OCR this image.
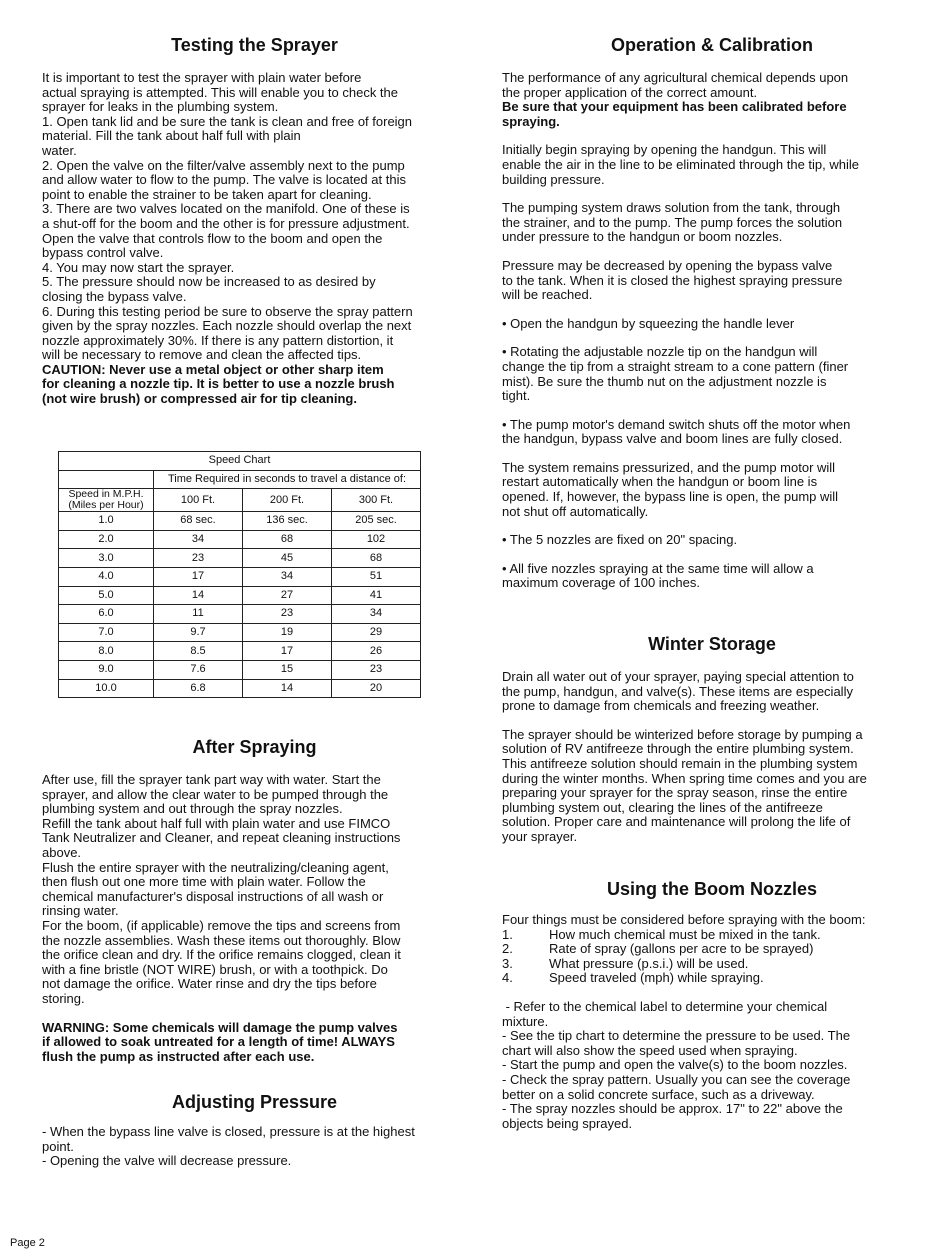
Testing the Sprayer

It is important to test the sprayer with plain water before

actual spraying is attempted. This will enable you to check the

sprayer for leaks in the plumbing system.

1. Open tank lid and be sure the tank is clean and free of foreign

material. Fill the tank about half full with plain

water.

2. Open the valve on the filter/valve assembly next to the pump

and allow water to flow to the pump. The valve is located at this

point to enable the strainer to be taken apart for cleaning.

3. There are two valves located on the manifold. One of these is

a shut-off for the boom and the other is for pressure adjustment.

Open the valve that controls flow to the boom and open the

bypass control valve.

4. You may now start the sprayer.

5. The pressure should now be increased to as desired by

closing the bypass valve.

6. During this testing period be sure to observe the spray pattern

given by the spray nozzles. Each nozzle should overlap the next

nozzle approximately 30%. If there is any pattern distortion, it

will be necessary to remove and clean the affected tips.

CAUTION: Never use a metal object or other sharp item

for cleaning a nozzle tip. It is better to use a nozzle brush

(not wire brush) or compressed air for tip cleaning.

Speed Chart			
	Time Required in seconds to travel a distance of:		
Speed in M.P.H.
(Miles per Hour)	100 Ft.	200 Ft.	300 Ft.
1.0	68 sec.	136 sec.	205 sec.
2.0	34	68	102
3.0	23	45	68
4.0	17	34	51
5.0	14	27	41
6.0	11	23	34
7.0	9.7	19	29
8.0	8.5	17	26
9.0	7.6	15	23
10.0	6.8	14	20
After Spraying

After use, fill the sprayer tank part way with water. Start the

sprayer, and allow the clear water to be pumped through the

plumbing system and out through the spray nozzles.

Refill the tank about half full with plain water and use FIMCO

Tank Neutralizer and Cleaner, and repeat cleaning instructions

above.

Flush the entire sprayer with the neutralizing/cleaning agent,

then flush out one more time with plain water. Follow the

chemical manufacturer's disposal instructions of all wash or

rinsing water.

For the boom, (if applicable) remove the tips and screens from

the nozzle assemblies. Wash these items out thoroughly. Blow

the orifice clean and dry. If the orifice remains clogged, clean it

with a fine bristle (NOT WIRE) brush, or with a toothpick. Do

not damage the orifice. Water rinse and dry the tips before

storing.

WARNING: Some chemicals will damage the pump valves

if allowed to soak untreated for a length of time! ALWAYS

flush the pump as instructed after each use.

Adjusting Pressure

- When the bypass line valve is closed, pressure is at the highest

point.

- Opening the valve will decrease pressure.

Operation & Calibration

The performance of any agricultural chemical depends upon

the proper application of the correct amount.

Be sure that your equipment has been calibrated before

spraying.

Initially begin spraying by opening the handgun. This will

enable the air in the line to be eliminated through the tip, while

building pressure.

The pumping system draws solution from the tank, through

the strainer, and to the pump. The pump forces the solution

under pressure to the handgun or boom nozzles.

Pressure may be decreased by opening the bypass valve

to the tank. When it is closed the highest spraying pressure

will be reached.

• Open the handgun by squeezing the handle lever

• Rotating the adjustable nozzle tip on the handgun will

change the tip from a straight stream to a cone pattern (finer

mist). Be sure the thumb nut on the adjustment nozzle is

tight.

• The pump motor's demand switch shuts off the motor when

the handgun, bypass valve and boom lines are fully closed.

The system remains pressurized, and the pump motor will

restart automatically when the handgun or boom line is

opened. If, however, the bypass line is open, the pump will

not shut off automatically.

• The 5 nozzles are fixed on 20" spacing.

• All five nozzles spraying at the same time will allow a

maximum coverage of 100 inches.

Winter Storage

Drain all water out of your sprayer, paying special attention to

the pump, handgun, and valve(s). These items are especially

prone to damage from chemicals and freezing weather.

The sprayer should be winterized before storage by pumping a

solution of RV antifreeze through the entire plumbing system.

This antifreeze solution should remain in the plumbing system

during the winter months. When spring time comes and you are

preparing your sprayer for the spray season, rinse the entire

plumbing system out, clearing the lines of the antifreeze

solution. Proper care and maintenance will prolong the life of

your sprayer.

Using the Boom Nozzles

Four things must be considered before spraying with the boom:

1.	How much chemical must be mixed in the tank.
2.	Rate of spray (gallons per acre to be sprayed)
3.	What pressure (p.s.i.) will be used.
4.	Speed traveled (mph) while spraying.

- Refer to the chemical label to determine your chemical

mixture.

- See the tip chart to determine the pressure to be used. The

chart will also show the speed used when spraying.

- Start the pump and open the valve(s) to the boom nozzles.

- Check the spray pattern. Usually you can see the coverage

better on a solid concrete surface, such as a driveway.

- The spray nozzles should be approx. 17" to 22" above the

objects being sprayed.

Page 2
